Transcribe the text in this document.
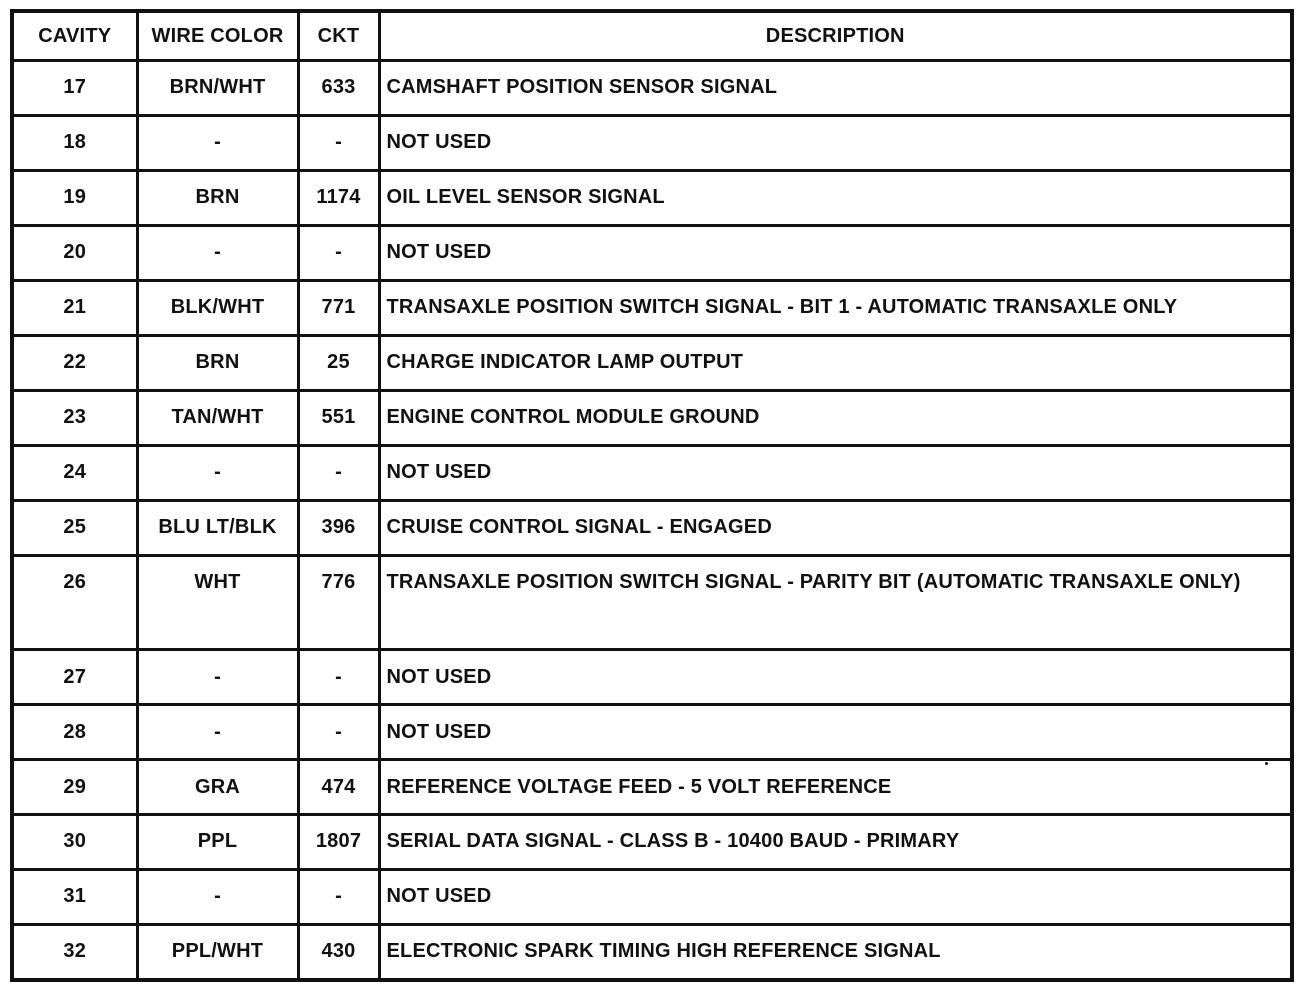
CAVITY	WIRE COLOR	CKT	DESCRIPTION
17	BRN/WHT	633	CAMSHAFT POSITION SENSOR SIGNAL
18	-	-	NOT USED
19	BRN	1174	OIL LEVEL SENSOR SIGNAL
20	-	-	NOT USED
21	BLK/WHT	771	TRANSAXLE POSITION SWITCH SIGNAL - BIT 1 - AUTOMATIC TRANSAXLE ONLY
22	BRN	25	CHARGE INDICATOR LAMP OUTPUT
23	TAN/WHT	551	ENGINE CONTROL MODULE GROUND
24	-	-	NOT USED
25	BLU LT/BLK	396	CRUISE CONTROL SIGNAL - ENGAGED
26	WHT	776	TRANSAXLE POSITION SWITCH SIGNAL - PARITY BIT (AUTOMATIC TRANSAXLE ONLY)
27	-	-	NOT USED
28	-	-	NOT USED
29	GRA	474	REFERENCE VOLTAGE FEED - 5 VOLT REFERENCE
30	PPL	1807	SERIAL DATA SIGNAL - CLASS B - 10400 BAUD - PRIMARY
31	-	-	NOT USED
32	PPL/WHT	430	ELECTRONIC SPARK TIMING HIGH REFERENCE SIGNAL
